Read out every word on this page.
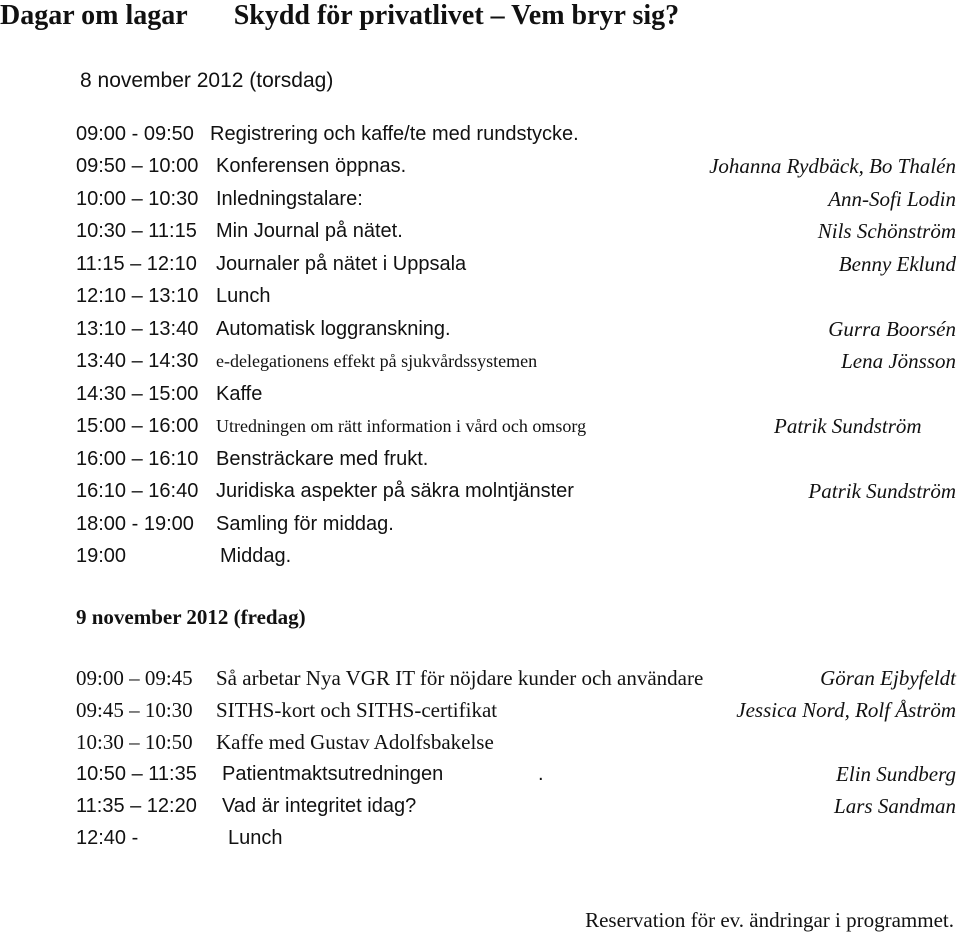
Dagar om lagar Skydd för privatlivet – Vem bryr sig?
8 november 2012 (torsdag)
09:00 - 09:50 Registrering och kaffe/te med rundstycke.
09:50 – 10:00 Konferensen öppnas.	Johanna Rydbäck, Bo Thalén
10:00 – 10:30 Inledningstalare:	Ann-Sofi Lodin
10:30 – 11:15 Min Journal på nätet.	Nils Schönström
11:15 – 12:10 Journaler på nätet i Uppsala	Benny Eklund
12:10 – 13:10 Lunch
13:10 – 13:40 Automatisk loggranskning.	Gurra Boorsén
13:40 – 14:30 e-delegationens effekt på sjukvårdssystemen	Lena Jönsson
14:30 – 15:00 Kaffe
15:00 – 16:00 Utredningen om rätt information i vård och omsorg	Patrik Sundström
16:00 – 16:10 Bensträckare med frukt.
16:10 – 16:40 Juridiska aspekter på säkra molntjänster	Patrik Sundström
18:00 - 19:00 Samling för middag.
19:00	Middag.
9 november 2012 (fredag)
09:00 – 09:45 Så arbetar Nya VGR IT för nöjdare kunder och användare	Göran Ejbyfeldt
09:45 – 10:30 SITHS-kort och SITHS-certifikat	Jessica Nord, Rolf Åström
10:30 – 10:50 Kaffe med Gustav Adolfsbakelse
10:50 – 11:35 Patientmaktsutredningen	.	Elin Sundberg
11:35 – 12:20 Vad är integritet idag?	Lars Sandman
12:40 -	Lunch
Reservation för ev. ändringar i programmet.
